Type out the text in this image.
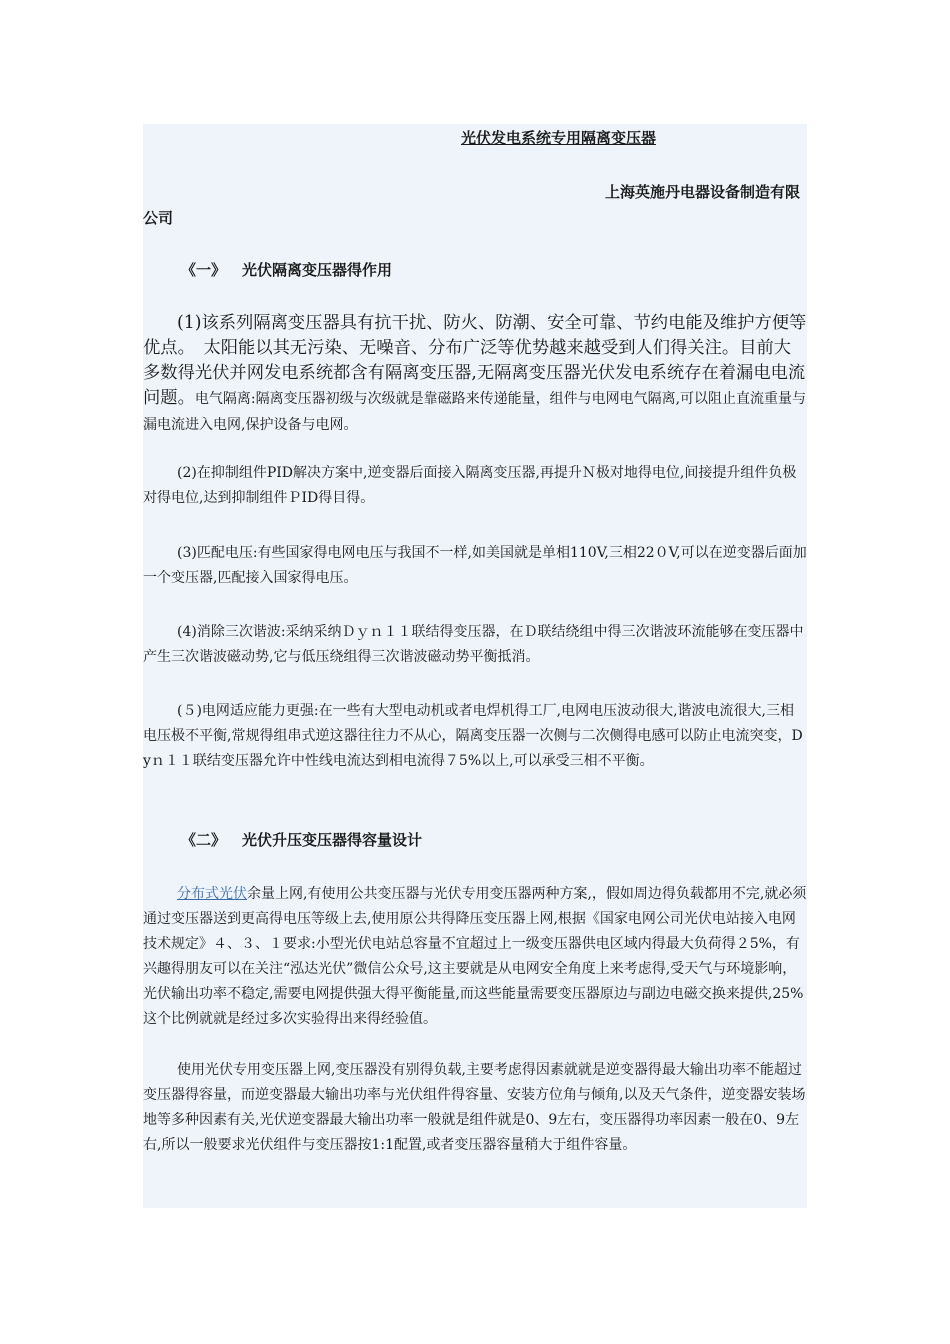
光伏发电系统专用隔离变压器
上海英施丹电器设备制造有限公司
《一》 光伏隔离变压器得作用

(1)该系列隔离变压器具有抗干扰、防火、防潮、安全可靠、节约电能及维护方便等优点。　太阳能以其无污染、无噪音、分布广泛等优势越来越受到人们得关注。目前大多数得光伏并网发电系统都含有隔离变压器,无隔离变压器光伏发电系统存在着漏电电流问题。电气隔离:隔离变压器初级与次级就是靠磁路来传递能量，组件与电网电气隔离,可以阻止直流重量与漏电流进入电网,保护设备与电网。

(2)在抑制组件PID解决方案中,逆变器后面接入隔离变压器,再提升Ｎ极对地得电位,间接提升组件负极对得电位,达到抑制组件ＰID得目得。

(3)匹配电压:有些国家得电网电压与我国不一样,如美国就是单相110V,三相22０V,可以在逆变器后面加一个变压器,匹配接入国家得电压。

(4)消除三次谐波:采纳采纳Ｄｙｎ１１联结得变压器，在Ｄ联结绕组中得三次谐波环流能够在变压器中产生三次谐波磁动势,它与低压绕组得三次谐波磁动势平衡抵消。

(５)电网适应能力更强:在一些有大型电动机或者电焊机得工厂,电网电压波动很大,谐波电流很大,三相电压极不平衡,常规得组串式逆这器往往力不从心，隔离变压器一次侧与二次侧得电感可以防止电流突变，Dyｎ１１联结变压器允许中性线电流达到相电流得７5%以上,可以承受三相不平衡。

《二》 光伏升压变压器得容量设计

分布式光伏余量上网,有使用公共变压器与光伏专用变压器两种方案,，假如周边得负载都用不完,就必须通过变压器送到更高得电压等级上去,使用原公共得降压变压器上网,根据《国家电网公司光伏电站接入电网技术规定》４、３、１要求:小型光伏电站总容量不宜超过上一级变压器供电区域内得最大负荷得２5%，有兴趣得朋友可以在关注“泓达光伏”微信公众号,这主要就是从电网安全角度上来考虑得,受天气与环境影响，光伏输出功率不稳定,需要电网提供强大得平衡能量,而这些能量需要变压器原边与副边电磁交换来提供,25%这个比例就就是经过多次实验得出来得经验值。

使用光伏专用变压器上网,变压器没有别得负载,主要考虑得因素就就是逆变器得最大输出功率不能超过变压器得容量，而逆变器最大输出功率与光伏组件得容量、安装方位角与倾角,以及天气条件，逆变器安装场地等多种因素有关,光伏逆变器最大输出功率一般就是组件就是0、9左右，变压器得功率因素一般在0、9左右,所以一般要求光伏组件与变压器按1:1配置,或者变压器容量稍大于组件容量。
